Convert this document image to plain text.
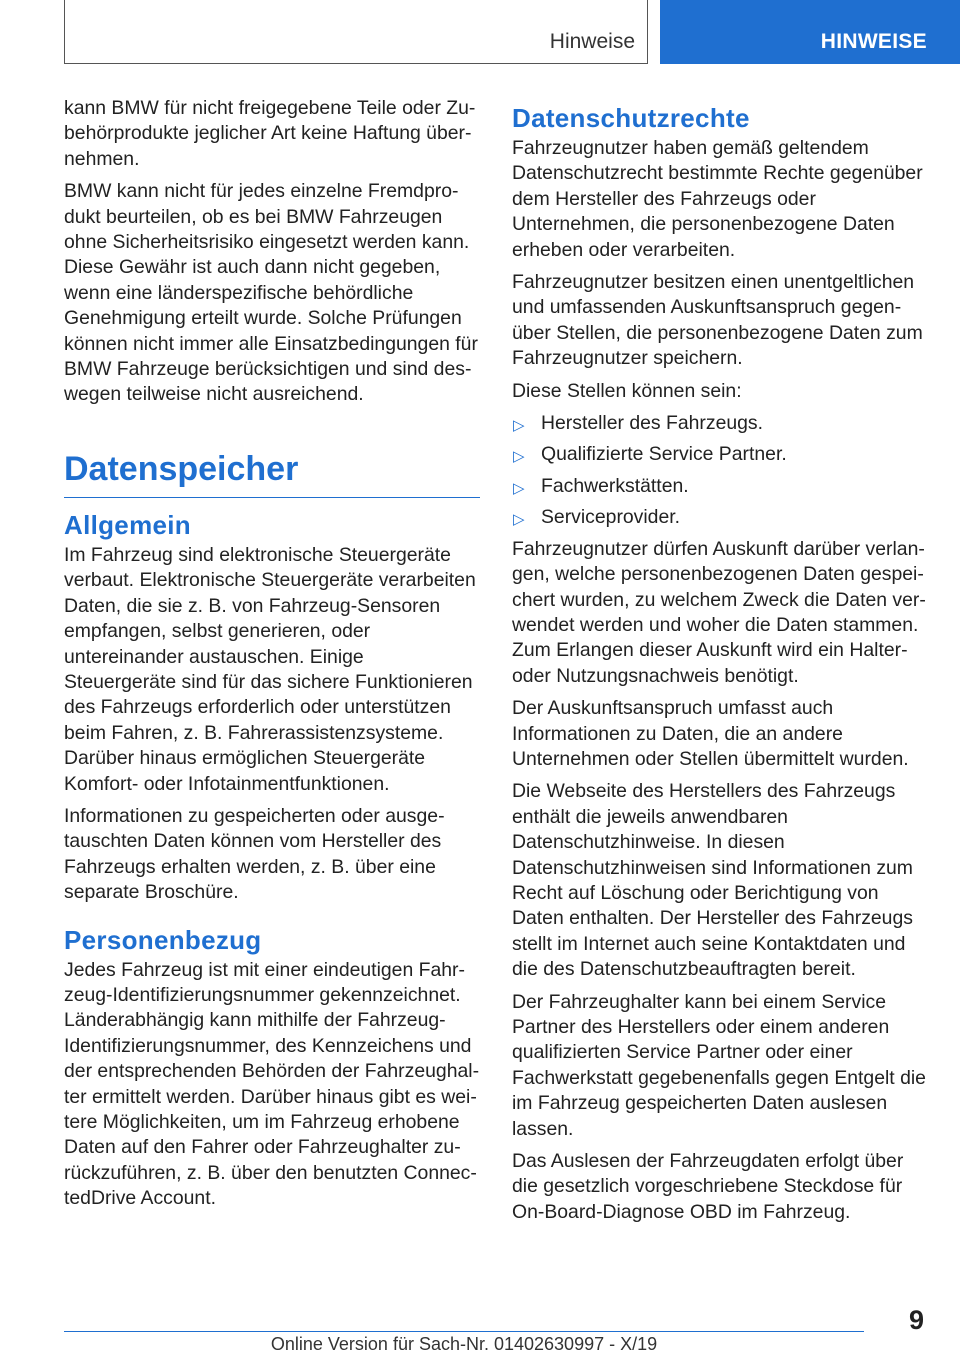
Hinweise	HINWEISE

kann BMW für nicht freigegebene Teile oder Zubehörprodukte jeglicher Art keine Haftung übernehmen.

BMW kann nicht für jedes einzelne Fremdprodukt beurteilen, ob es bei BMW Fahrzeugen ohne Sicherheitsrisiko eingesetzt werden kann. Diese Gewähr ist auch dann nicht gegeben, wenn eine länderspezifische behördliche Genehmigung erteilt wurde. Solche Prüfungen können nicht immer alle Einsatzbedingungen für BMW Fahrzeuge berücksichtigen und sind deswegen teilweise nicht ausreichend.

Datenspeicher
Allgemein

Im Fahrzeug sind elektronische Steuergeräte verbaut. Elektronische Steuergeräte verarbeiten Daten, die sie z. B. von Fahrzeug-Sensoren empfangen, selbst generieren, oder untereinander austauschen. Einige Steuergeräte sind für das sichere Funktionieren des Fahrzeugs erforderlich oder unterstützen beim Fahren, z. B. Fahrerassistenzsysteme. Darüber hinaus ermöglichen Steuergeräte Komfort- oder Infotainmentfunktionen.

Informationen zu gespeicherten oder ausgetauschten Daten können vom Hersteller des Fahrzeugs erhalten werden, z. B. über eine separate Broschüre.

Personenbezug

Jedes Fahrzeug ist mit einer eindeutigen Fahrzeug-Identifizierungsnummer gekennzeichnet. Länderabhängig kann mithilfe der Fahrzeug-Identifizierungsnummer, des Kennzeichens und der entsprechenden Behörden der Fahrzeughalter ermittelt werden. Darüber hinaus gibt es weitere Möglichkeiten, um im Fahrzeug erhobene Daten auf den Fahrer oder Fahrzeughalter zurückzuführen, z. B. über den benutzten ConnectedDrive Account.

Datenschutzrechte

Fahrzeugnutzer haben gemäß geltendem Datenschutzrecht bestimmte Rechte gegenüber dem Hersteller des Fahrzeugs oder Unternehmen, die personenbezogene Daten erheben oder verarbeiten.

Fahrzeugnutzer besitzen einen unentgeltlichen und umfassenden Auskunftsanspruch gegenüber Stellen, die personenbezogene Daten zum Fahrzeugnutzer speichern.

Diese Stellen können sein:

▷ Hersteller des Fahrzeugs.
▷ Qualifizierte Service Partner.
▷ Fachwerkstätten.
▷ Serviceprovider.

Fahrzeugnutzer dürfen Auskunft darüber verlangen, welche personenbezogenen Daten gespeichert wurden, zu welchem Zweck die Daten verwendet werden und woher die Daten stammen. Zum Erlangen dieser Auskunft wird ein Halter- oder Nutzungsnachweis benötigt.

Der Auskunftsanspruch umfasst auch Informationen zu Daten, die an andere Unternehmen oder Stellen übermittelt wurden.

Die Webseite des Herstellers des Fahrzeugs enthält die jeweils anwendbaren Datenschutzhinweise. In diesen Datenschutzhinweisen sind Informationen zum Recht auf Löschung oder Berichtigung von Daten enthalten. Der Hersteller des Fahrzeugs stellt im Internet auch seine Kontaktdaten und die des Datenschutzbeauftragten bereit.

Der Fahrzeughalter kann bei einem Service Partner des Herstellers oder einem anderen qualifizierten Service Partner oder einer Fachwerkstatt gegebenenfalls gegen Entgelt die im Fahrzeug gespeicherten Daten auslesen lassen.

Das Auslesen der Fahrzeugdaten erfolgt über die gesetzlich vorgeschriebene Steckdose für On-Board-Diagnose OBD im Fahrzeug.

9
Online Version für Sach-Nr. 01402630997 - X/19
